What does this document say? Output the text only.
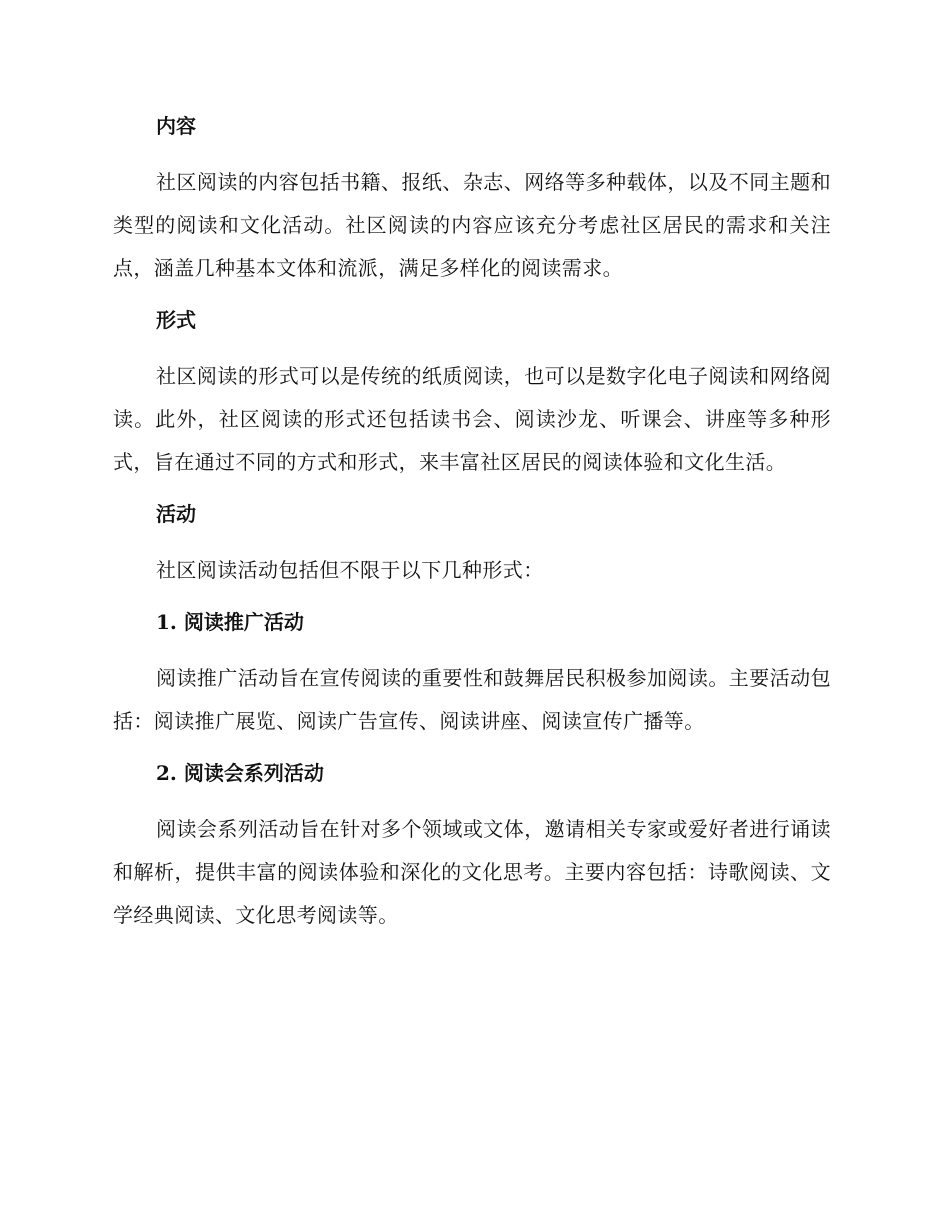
内容

社区阅读的内容包括书籍、报纸、杂志、网络等多种载体，以及不同主题和类型的阅读和文化活动。社区阅读的内容应该充分考虑社区居民的需求和关注点，涵盖几种基本文体和流派，满足多样化的阅读需求。

形式

社区阅读的形式可以是传统的纸质阅读，也可以是数字化电子阅读和网络阅读。此外，社区阅读的形式还包括读书会、阅读沙龙、听课会、讲座等多种形式，旨在通过不同的方式和形式，来丰富社区居民的阅读体验和文化生活。

活动

社区阅读活动包括但不限于以下几种形式：

1. 阅读推广活动

阅读推广活动旨在宣传阅读的重要性和鼓舞居民积极参加阅读。主要活动包括：阅读推广展览、阅读广告宣传、阅读讲座、阅读宣传广播等。

2. 阅读会系列活动

阅读会系列活动旨在针对多个领域或文体，邀请相关专家或爱好者进行诵读和解析，提供丰富的阅读体验和深化的文化思考。主要内容包括：诗歌阅读、文学经典阅读、文化思考阅读等。
